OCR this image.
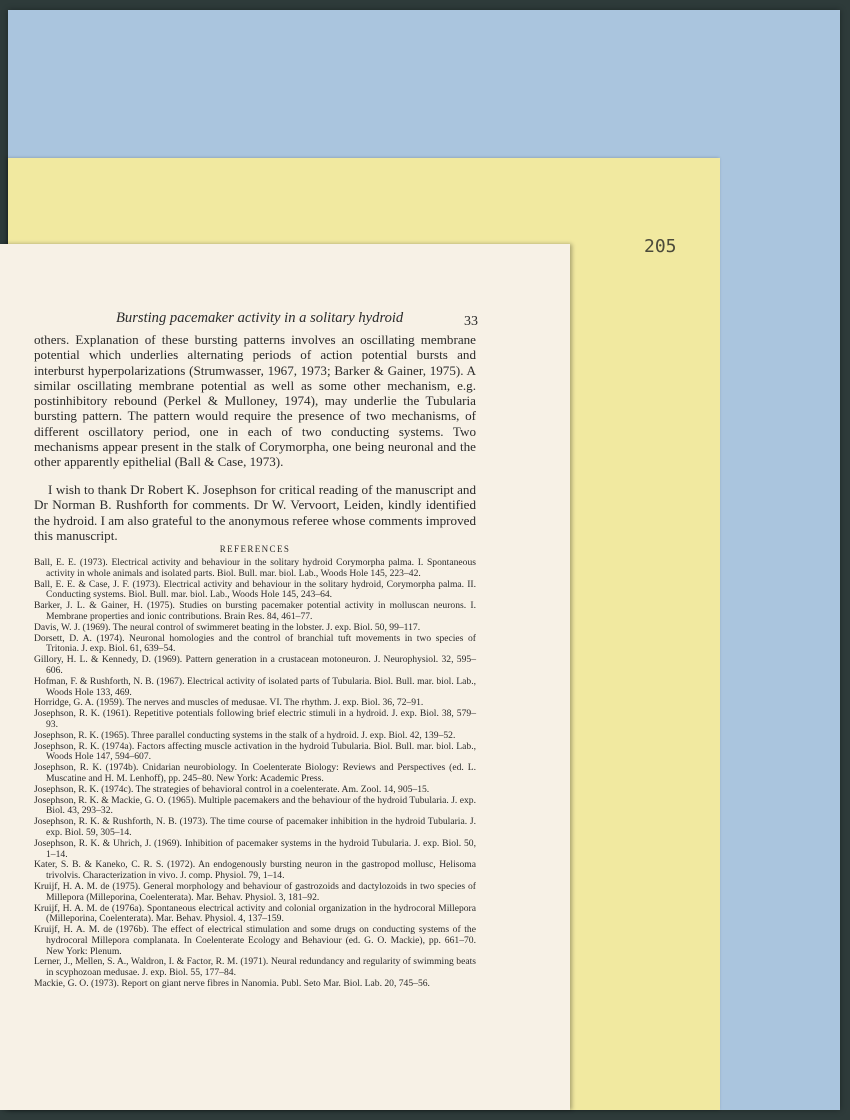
205
Bursting pacemaker activity in a solitary hydroid	33

others. Explanation of these bursting patterns involves an oscillating membrane potential which underlies alternating periods of action potential bursts and interburst hyperpolarizations (Strumwasser, 1967, 1973; Barker & Gainer, 1975). A similar oscillating membrane potential as well as some other mechanism, e.g. postinhibitory rebound (Perkel & Mulloney, 1974), may underlie the Tubularia bursting pattern. The pattern would require the presence of two mechanisms, of different oscillatory period, one in each of two conducting systems. Two mechanisms appear present in the stalk of Corymorpha, one being neuronal and the other apparently epithelial (Ball & Case, 1973).

I wish to thank Dr Robert K. Josephson for critical reading of the manuscript and Dr Norman B. Rushforth for comments. Dr W. Vervoort, Leiden, kindly identified the hydroid. I am also grateful to the anonymous referee whose comments improved this manuscript.

REFERENCES
Ball, E. E. (1973). Electrical activity and behaviour in the solitary hydroid Corymorpha palma. I. Spontaneous activity in whole animals and isolated parts. Biol. Bull. mar. biol. Lab., Woods Hole 145, 223–42.
Ball, E. E. & Case, J. F. (1973). Electrical activity and behaviour in the solitary hydroid, Corymorpha palma. II. Conducting systems. Biol. Bull. mar. biol. Lab., Woods Hole 145, 243–64.
Barker, J. L. & Gainer, H. (1975). Studies on bursting pacemaker potential activity in molluscan neurons. I. Membrane properties and ionic contributions. Brain Res. 84, 461–77.
Davis, W. J. (1969). The neural control of swimmeret beating in the lobster. J. exp. Biol. 50, 99–117.
Dorsett, D. A. (1974). Neuronal homologies and the control of branchial tuft movements in two species of Tritonia. J. exp. Biol. 61, 639–54.
Gillory, H. L. & Kennedy, D. (1969). Pattern generation in a crustacean motoneuron. J. Neurophysiol. 32, 595–606.
Hofman, F. & Rushforth, N. B. (1967). Electrical activity of isolated parts of Tubularia. Biol. Bull. mar. biol. Lab., Woods Hole 133, 469.
Horridge, G. A. (1959). The nerves and muscles of medusae. VI. The rhythm. J. exp. Biol. 36, 72–91.
Josephson, R. K. (1961). Repetitive potentials following brief electric stimuli in a hydroid. J. exp. Biol. 38, 579–93.
Josephson, R. K. (1965). Three parallel conducting systems in the stalk of a hydroid. J. exp. Biol. 42, 139–52.
Josephson, R. K. (1974a). Factors affecting muscle activation in the hydroid Tubularia. Biol. Bull. mar. biol. Lab., Woods Hole 147, 594–607.
Josephson, R. K. (1974b). Cnidarian neurobiology. In Coelenterate Biology: Reviews and Perspectives (ed. L. Muscatine and H. M. Lenhoff), pp. 245–80. New York: Academic Press.
Josephson, R. K. (1974c). The strategies of behavioral control in a coelenterate. Am. Zool. 14, 905–15.
Josephson, R. K. & Mackie, G. O. (1965). Multiple pacemakers and the behaviour of the hydroid Tubularia. J. exp. Biol. 43, 293–32.
Josephson, R. K. & Rushforth, N. B. (1973). The time course of pacemaker inhibition in the hydroid Tubularia. J. exp. Biol. 59, 305–14.
Josephson, R. K. & Uhrich, J. (1969). Inhibition of pacemaker systems in the hydroid Tubularia. J. exp. Biol. 50, 1–14.
Kater, S. B. & Kaneko, C. R. S. (1972). An endogenously bursting neuron in the gastropod mollusc, Helisoma trivolvis. Characterization in vivo. J. comp. Physiol. 79, 1–14.
Kruijf, H. A. M. de (1975). General morphology and behaviour of gastrozoids and dactylozoids in two species of Millepora (Milleporina, Coelenterata). Mar. Behav. Physiol. 3, 181–92.
Kruijf, H. A. M. de (1976a). Spontaneous electrical activity and colonial organization in the hydrocoral Millepora (Milleporina, Coelenterata). Mar. Behav. Physiol. 4, 137–159.
Kruijf, H. A. M. de (1976b). The effect of electrical stimulation and some drugs on conducting systems of the hydrocoral Millepora complanata. In Coelenterate Ecology and Behaviour (ed. G. O. Mackie), pp. 661–70. New York: Plenum.
Lerner, J., Mellen, S. A., Waldron, I. & Factor, R. M. (1971). Neural redundancy and regularity of swimming beats in scyphozoan medusae. J. exp. Biol. 55, 177–84.
Mackie, G. O. (1973). Report on giant nerve fibres in Nanomia. Publ. Seto Mar. Biol. Lab. 20, 745–56.
